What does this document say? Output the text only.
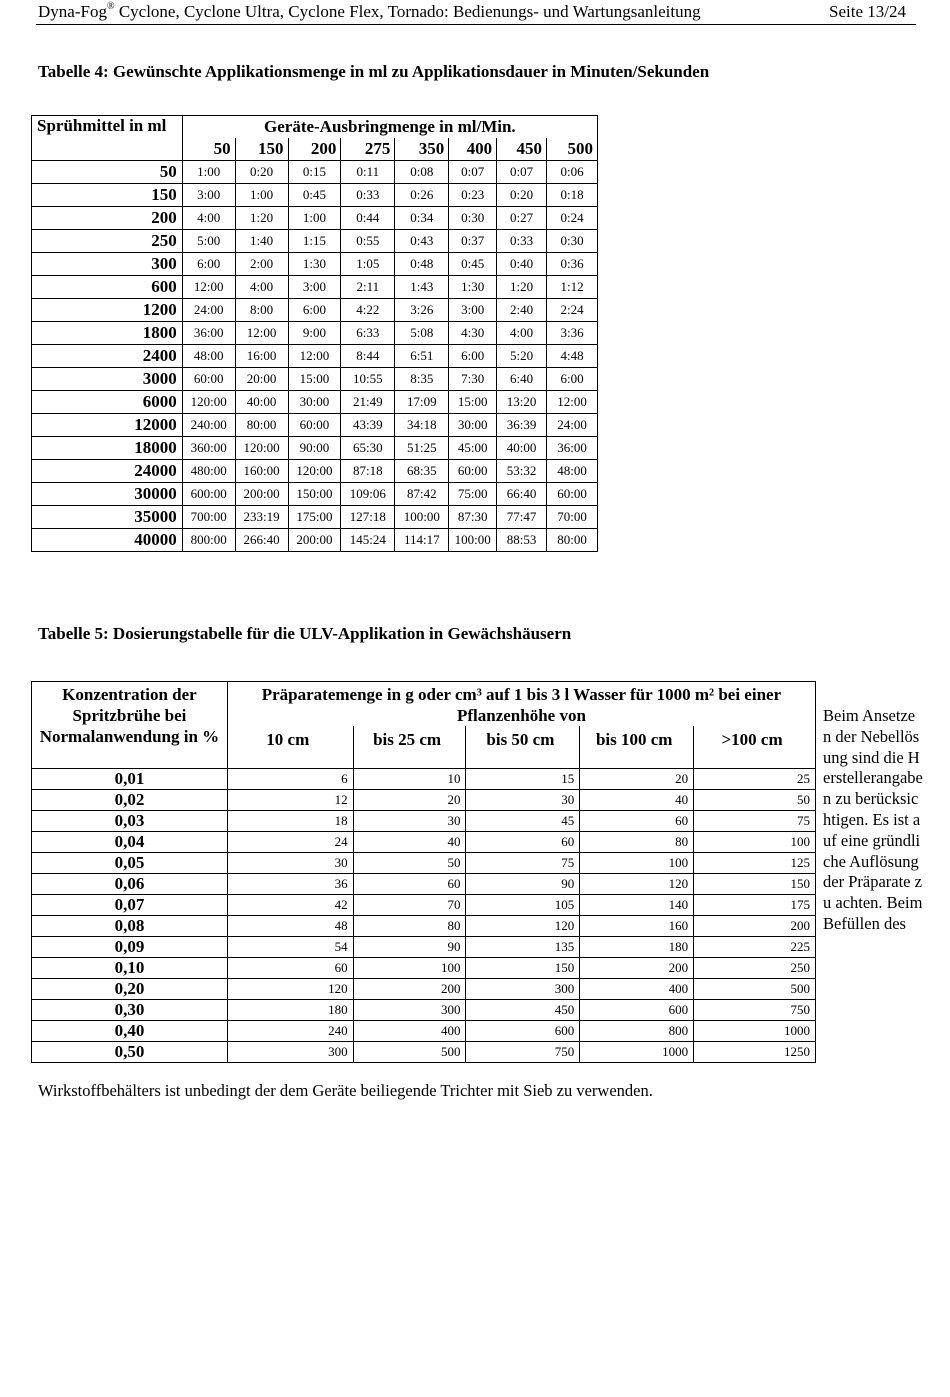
Dyna-Fog® Cyclone, Cyclone Ultra, Cyclone Flex, Tornado: Bedienungs- und Wartungsanleitung	Seite 13/24
Tabelle 4: Gewünschte Applikationsmenge in ml zu Applikationsdauer in Minuten/Sekunden
Sprühmittel in ml	Geräte-Ausbringmenge in ml/Min.							
	50	150	200	275	350	400	450	500
50	1:00	0:20	0:15	0:11	0:08	0:07	0:07	0:06
150	3:00	1:00	0:45	0:33	0:26	0:23	0:20	0:18
200	4:00	1:20	1:00	0:44	0:34	0:30	0:27	0:24
250	5:00	1:40	1:15	0:55	0:43	0:37	0:33	0:30
300	6:00	2:00	1:30	1:05	0:48	0:45	0:40	0:36
600	12:00	4:00	3:00	2:11	1:43	1:30	1:20	1:12
1200	24:00	8:00	6:00	4:22	3:26	3:00	2:40	2:24
1800	36:00	12:00	9:00	6:33	5:08	4:30	4:00	3:36
2400	48:00	16:00	12:00	8:44	6:51	6:00	5:20	4:48
3000	60:00	20:00	15:00	10:55	8:35	7:30	6:40	6:00
6000	120:00	40:00	30:00	21:49	17:09	15:00	13:20	12:00
12000	240:00	80:00	60:00	43:39	34:18	30:00	36:39	24:00
18000	360:00	120:00	90:00	65:30	51:25	45:00	40:00	36:00
24000	480:00	160:00	120:00	87:18	68:35	60:00	53:32	48:00
30000	600:00	200:00	150:00	109:06	87:42	75:00	66:40	60:00
35000	700:00	233:19	175:00	127:18	100:00	87:30	77:47	70:00
40000	800:00	266:40	200:00	145:24	114:17	100:00	88:53	80:00
Tabelle 5: Dosierungstabelle für die ULV-Applikation in Gewächshäusern
Konzentration der Spritzbrühe bei Normalanwendung in %	Präparatemenge in g oder cm³ auf 1 bis 3 l Wasser für 1000 m² bei einer Pflanzenhöhe von				
	10 cm	bis 25 cm	bis 50 cm	bis 100 cm	>100 cm
0,01	6	10	15	20	25
0,02	12	20	30	40	50
0,03	18	30	45	60	75
0,04	24	40	60	80	100
0,05	30	50	75	100	125
0,06	36	60	90	120	150
0,07	42	70	105	140	175
0,08	48	80	120	160	200
0,09	54	90	135	180	225
0,10	60	100	150	200	250
0,20	120	200	300	400	500
0,30	180	300	450	600	750
0,40	240	400	600	800	1000
0,50	300	500	750	1000	1250
Beim Ansetzen der Nebellösung sind die Herstellerangaben zu berücksichtigen. Es ist auf eine gründliche Auflösung der Präparate zu achten. Beim Befüllen des
Wirkstoffbehälters ist unbedingt der dem Geräte beiliegende Trichter mit Sieb zu verwenden.
